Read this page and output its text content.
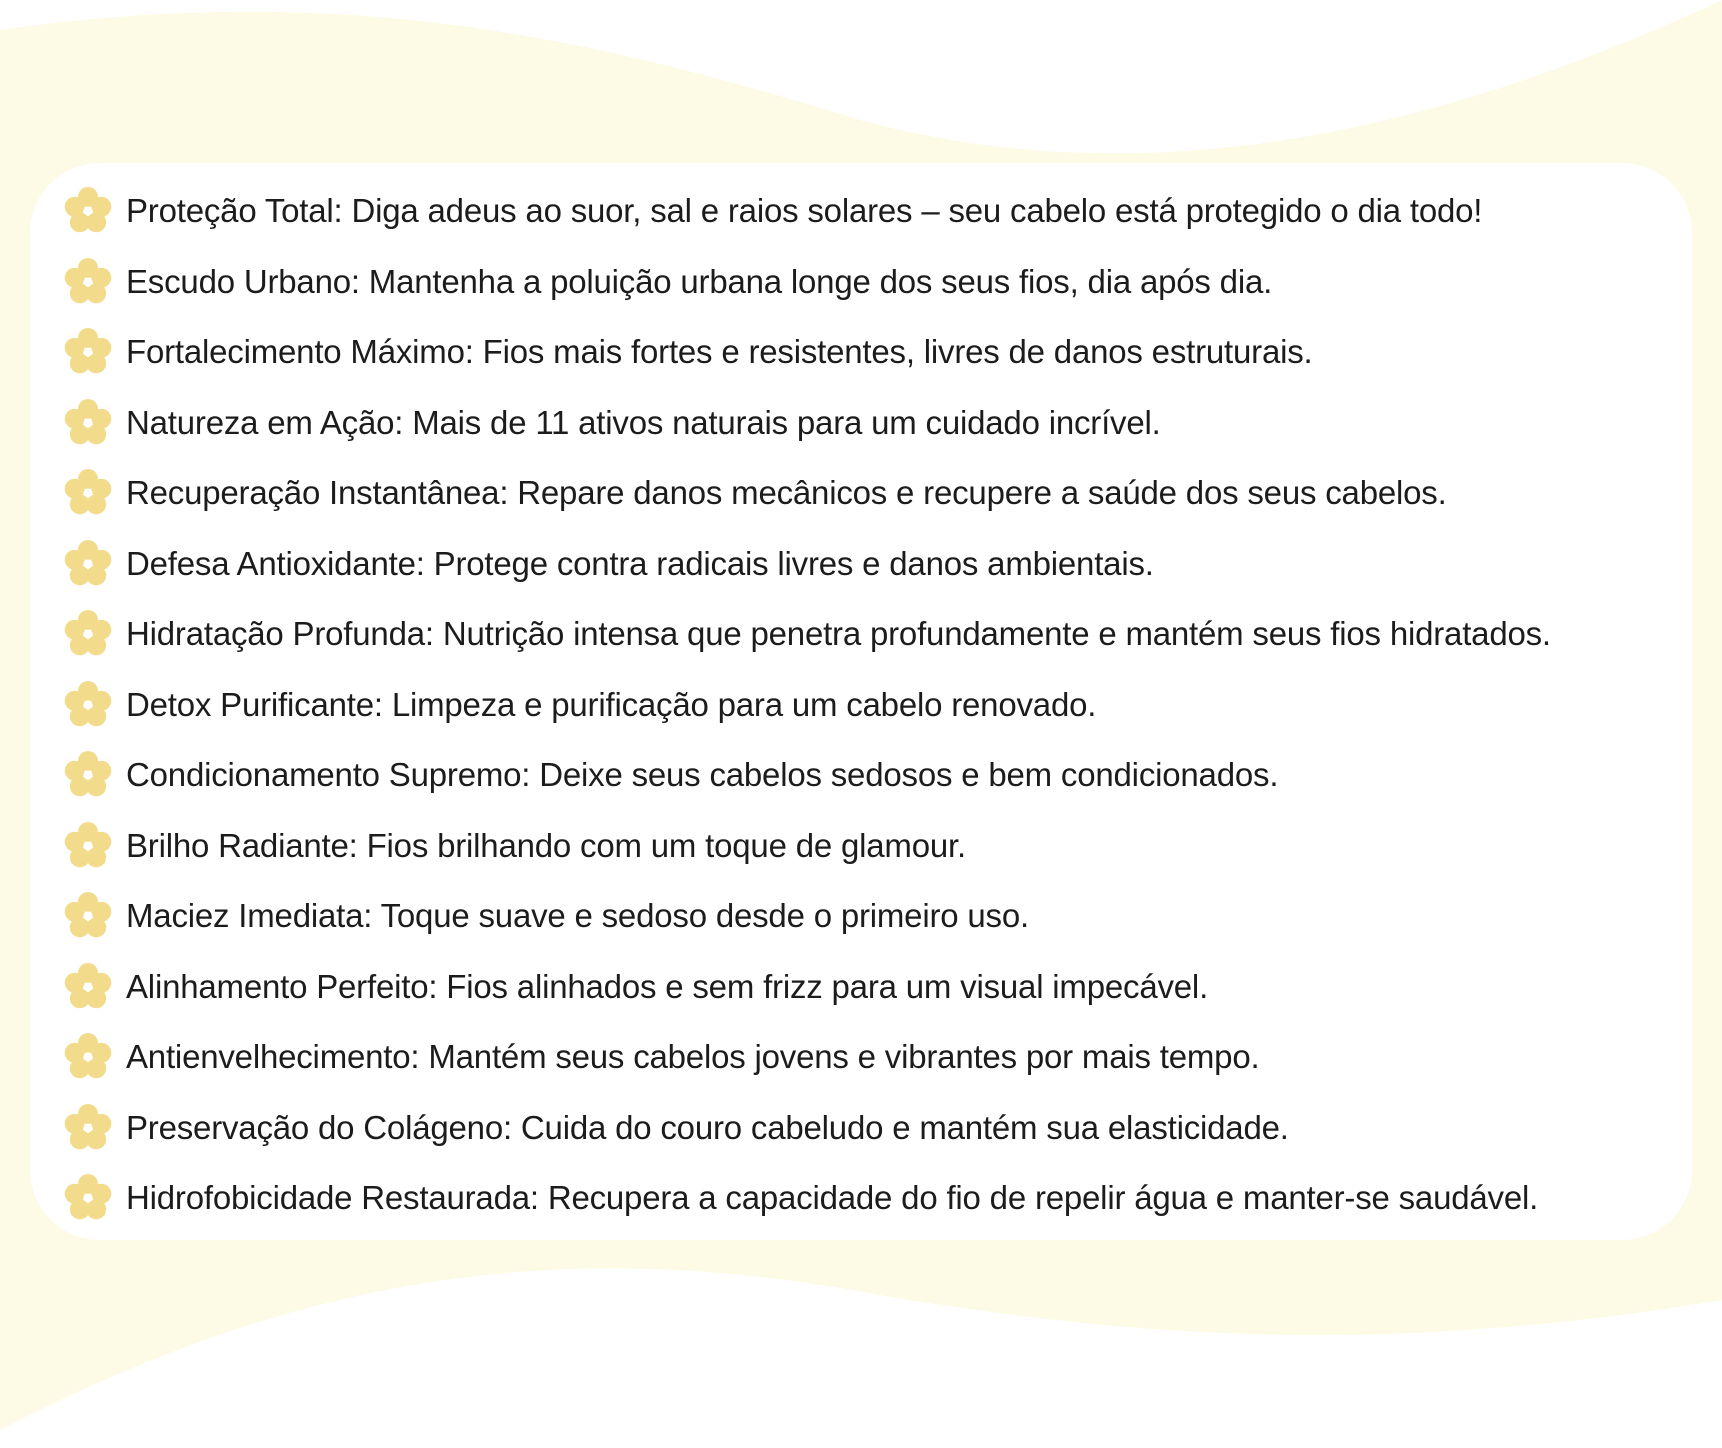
Proteção Total: Diga adeus ao suor, sal e raios solares – seu cabelo está protegido o dia todo!
Escudo Urbano: Mantenha a poluição urbana longe dos seus fios, dia após dia.
Fortalecimento Máximo: Fios mais fortes e resistentes, livres de danos estruturais.
Natureza em Ação: Mais de 11 ativos naturais para um cuidado incrível.
Recuperação Instantânea: Repare danos mecânicos e recupere a saúde dos seus cabelos.
Defesa Antioxidante: Protege contra radicais livres e danos ambientais.
Hidratação Profunda: Nutrição intensa que penetra profundamente e mantém seus fios hidratados.
Detox Purificante: Limpeza e purificação para um cabelo renovado.
Condicionamento Supremo: Deixe seus cabelos sedosos e bem condicionados.
Brilho Radiante: Fios brilhando com um toque de glamour.
Maciez Imediata: Toque suave e sedoso desde o primeiro uso.
Alinhamento Perfeito: Fios alinhados e sem frizz para um visual impecável.
Antienvelhecimento: Mantém seus cabelos jovens e vibrantes por mais tempo.
Preservação do Colágeno: Cuida do couro cabeludo e mantém sua elasticidade.
Hidrofobicidade Restaurada: Recupera a capacidade do fio de repelir água e manter-se saudável.
